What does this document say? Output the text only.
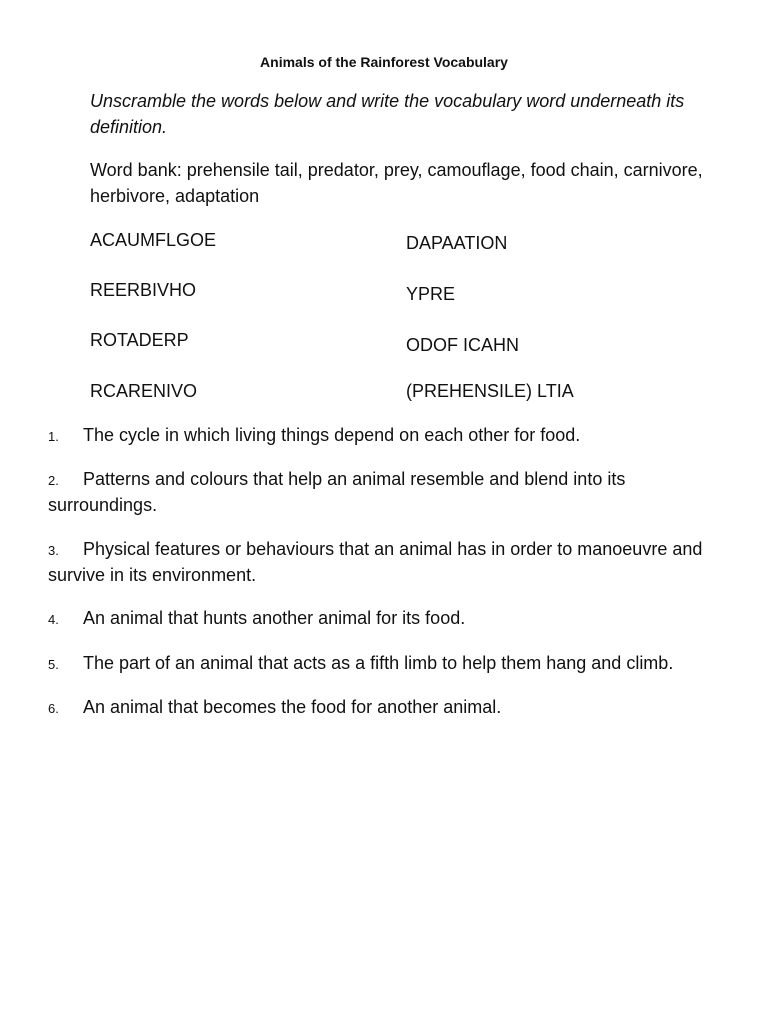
Animals of the Rainforest Vocabulary
Unscramble the words below and write the vocabulary word underneath its definition.
Word bank: prehensile tail, predator, prey, camouflage, food chain, carnivore, herbivore, adaptation
ACAUMFLGOE
REERBIVHO
ROTADERP
RCARENIVO
DAPAATION
YPRE
ODOF ICAHN
(PREHENSILE) LTIA
1. The cycle in which living things depend on each other for food.
2. Patterns and colours that help an animal resemble and blend into its surroundings.
3. Physical features or behaviours that an animal has in order to manoeuvre and survive in its environment.
4. An animal that hunts another animal for its food.
5. The part of an animal that acts as a fifth limb to help them hang and climb.
6. An animal that becomes the food for another animal.
